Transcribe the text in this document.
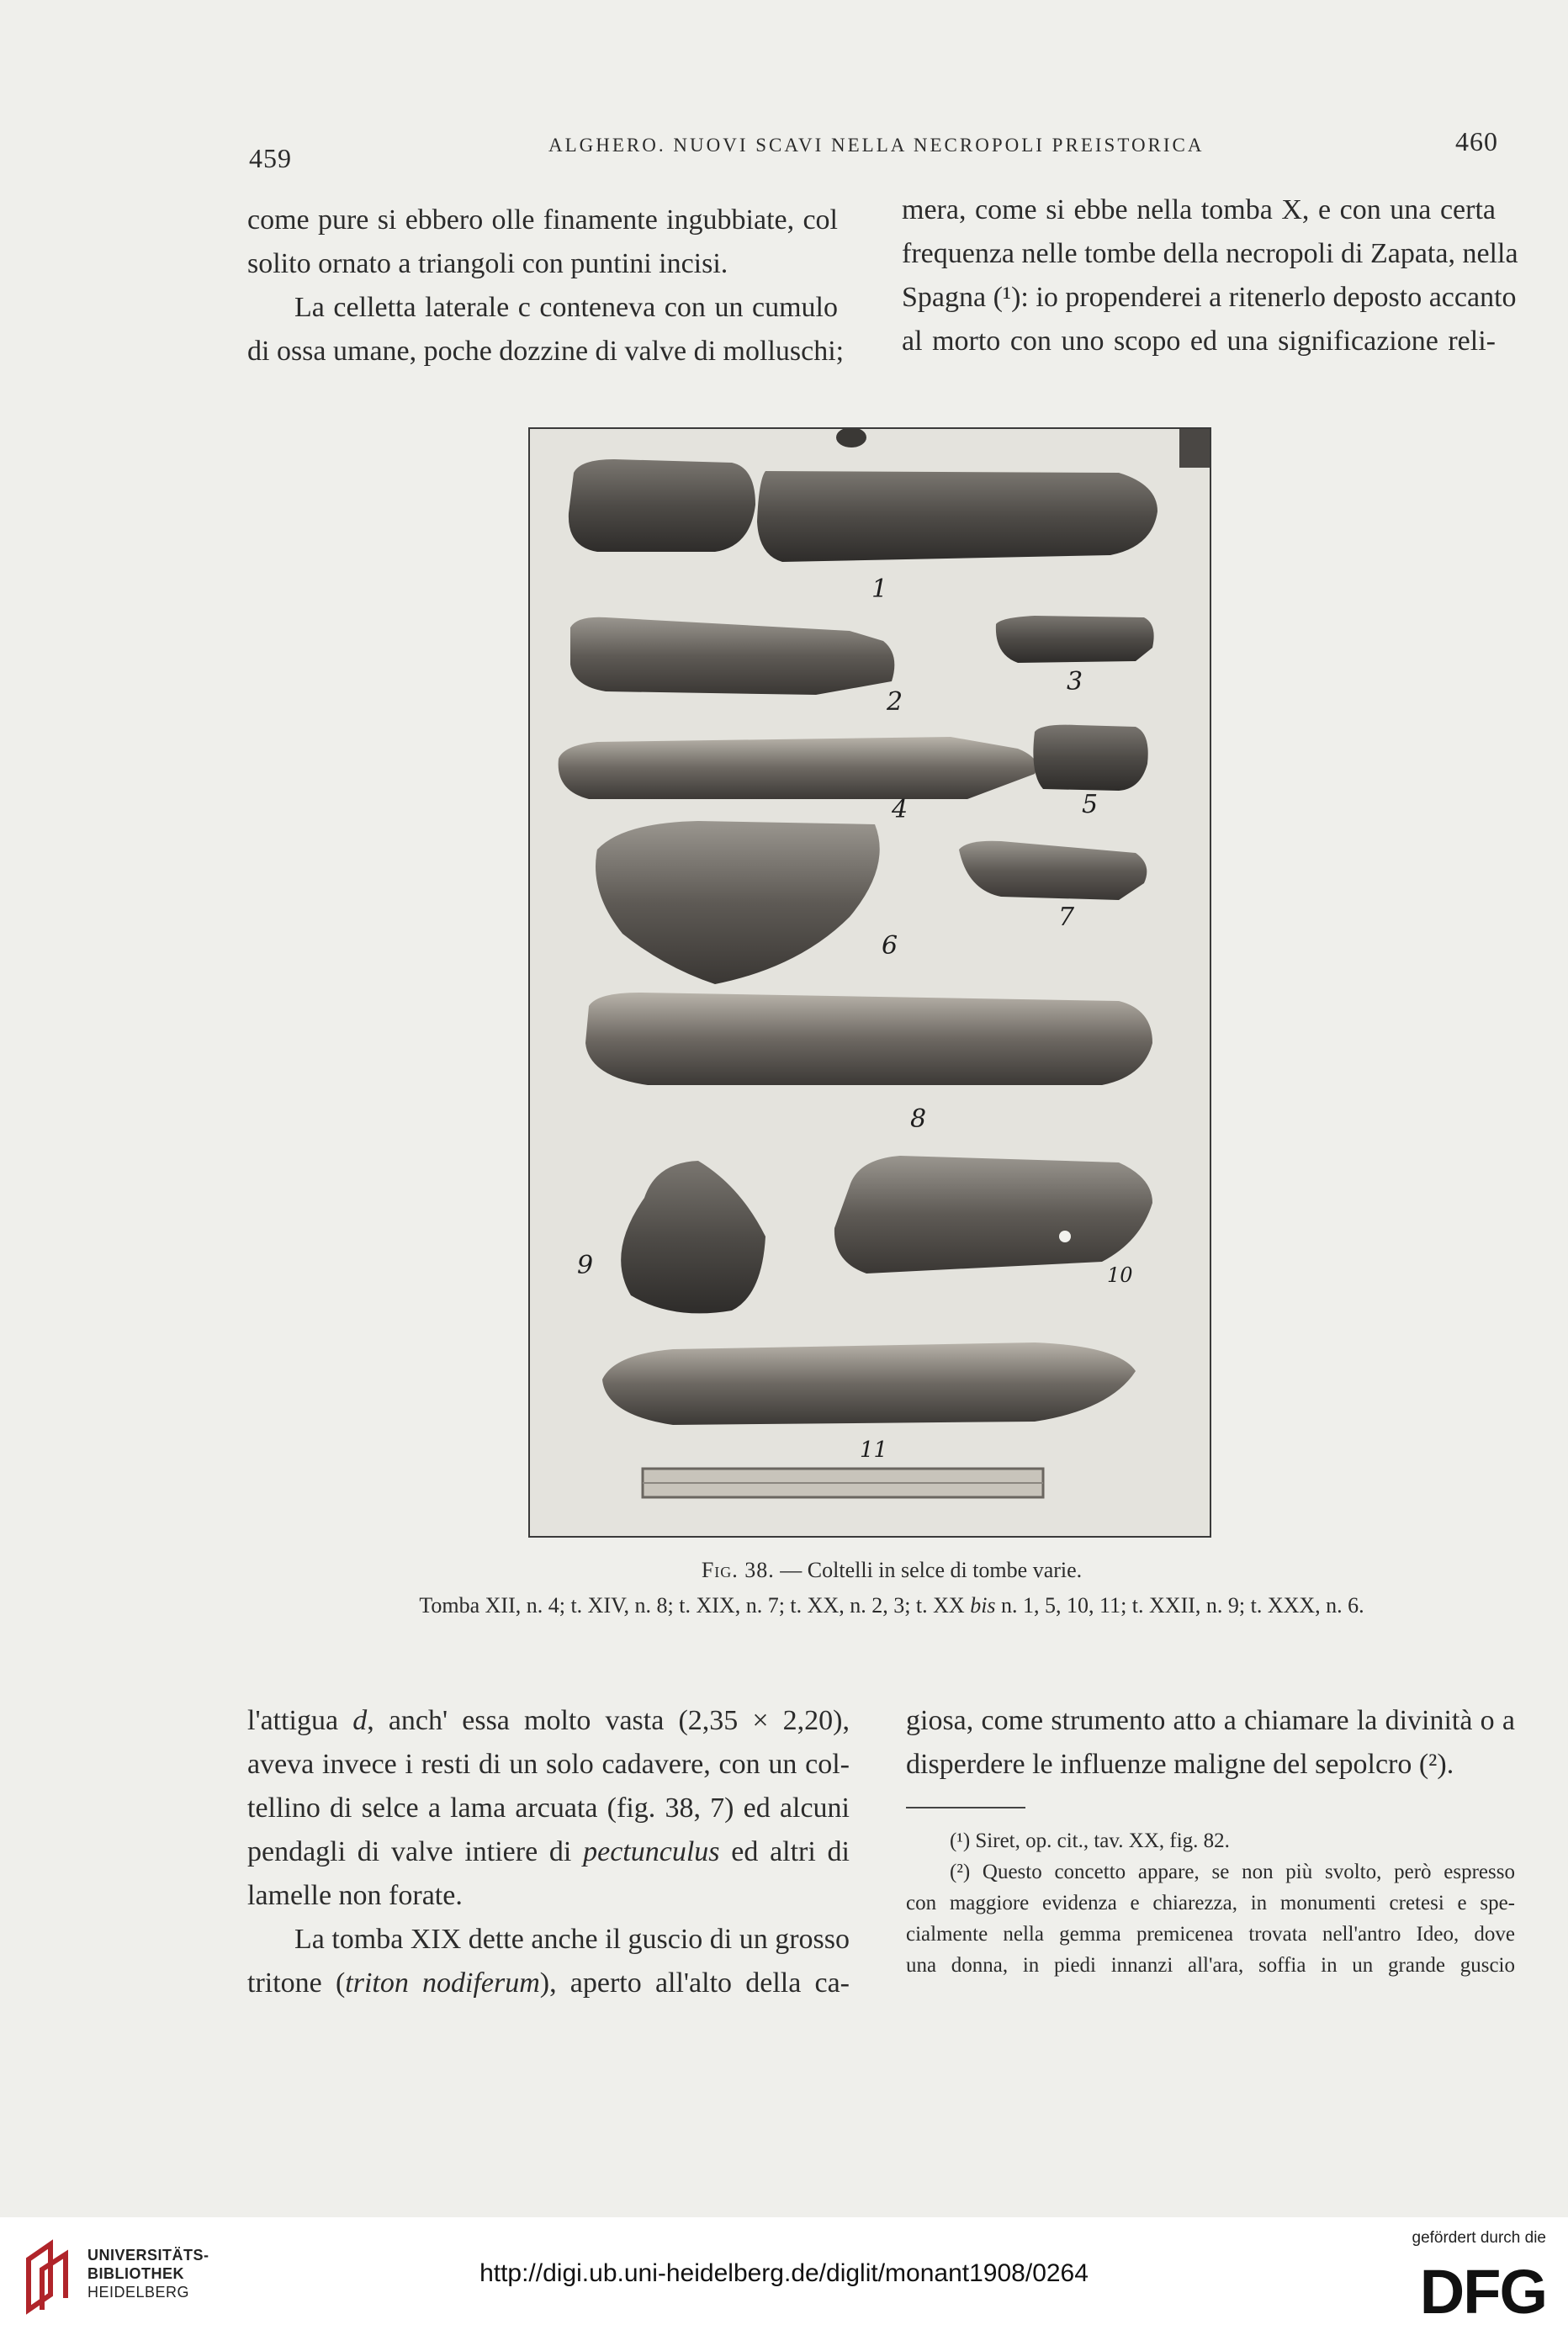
459	ALGHERO. NUOVI SCAVI NELLA NECROPOLI PREISTORICA	460
come pure si ebbero olle finamente ingubbiate, col
solito ornato a triangoli con puntini incisi.
La celletta laterale c conteneva con un cumulo
di ossa umane, poche dozzine di valve di molluschi;
mera, come si ebbe nella tomba X, e con una certa
frequenza nelle tombe della necropoli di Zapata, nella
Spagna (¹): io propenderei a ritenerlo deposto accanto
al morto con uno scopo ed una significazione reli-
1
2
3
4	5
6
7
8
9	10
11
Fig. 38. — Coltelli in selce di tombe varie.
Tomba XII, n. 4; t. XIV, n. 8; t. XIX, n. 7; t. XX, n. 2, 3; t. XX bis n. 1, 5, 10, 11; t. XXII, n. 9; t. XXX, n. 6.
l'attigua d, anch' essa molto vasta (2,35 × 2,20),
aveva invece i resti di un solo cadavere, con un col-
tellino di selce a lama arcuata (fig. 38, 7) ed alcuni
pendagli di valve intiere di pectunculus ed altri di
lamelle non forate.
La tomba XIX dette anche il guscio di un grosso
tritone (triton nodiferum), aperto all'alto della ca-
giosa, come strumento atto a chiamare la divinità o a
disperdere le influenze maligne del sepolcro (²).
(¹) Siret, op. cit., tav. XX, fig. 82.
(²) Questo concetto appare, se non più svolto, però espresso
con maggiore evidenza e chiarezza, in monumenti cretesi e spe-
cialmente nella gemma premicenea trovata nell'antro Ideo, dove
una donna, in piedi innanzi all'ara, soffia in un grande guscio
UNIVERSITÄTS-
BIBLIOTHEK
HEIDELBERG
http://digi.ub.uni-heidelberg.de/diglit/monant1908/0264
gefördert durch die
DFG
